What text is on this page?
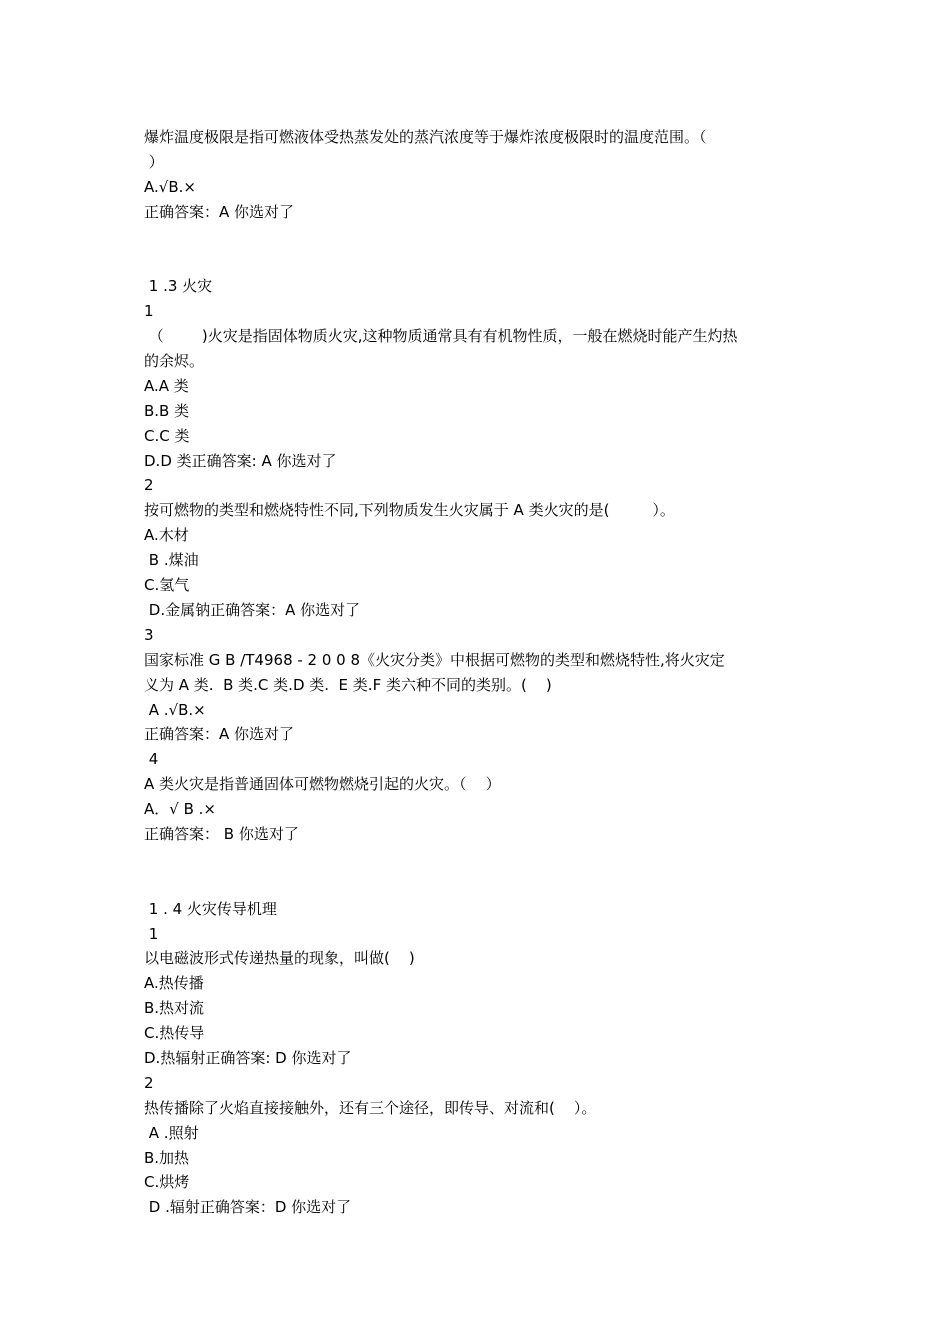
爆炸温度极限是指可燃液体受热蒸发处的蒸汽浓度等于爆炸浓度极限时的温度范围。（
）
A.√B.×
正确答案：A 你选对了
1 .3 火灾
1
（        )火灾是指固体物质火灾,这种物质通常具有有机物性质，一般在燃烧时能产生灼热
的余烬。
A.A 类
B.B 类
C.C 类
D.D 类正确答案: A 你选对了
2
按可燃物的类型和燃烧特性不同,下列物质发生火灾属于 A 类火灾的是(         ）。
A.木材
B .煤油
C.氢气
D.金属钠正确答案：A 你选对了
3
国家标准 G B /T4968 - 2 0 0 8《火灾分类》中根据可燃物的类型和燃烧特性,将火灾定
义为 A 类.  B 类.C 类.D 类.  E 类.F 类六种不同的类别。(    )
A .√B.×
正确答案：A 你选对了
4
A 类火灾是指普通固体可燃物燃烧引起的火灾。（    ）
A．√ B .×
正确答案： B 你选对了
1 . 4 火灾传导机理
1
以电磁波形式传递热量的现象，叫做(    )
A.热传播
B.热对流
C.热传导
D.热辐射正确答案: D 你选对了
2
热传播除了火焰直接接触外，还有三个途径，即传导、对流和(    ）。
A .照射
B.加热
C.烘烤
D .辐射正确答案：D 你选对了
